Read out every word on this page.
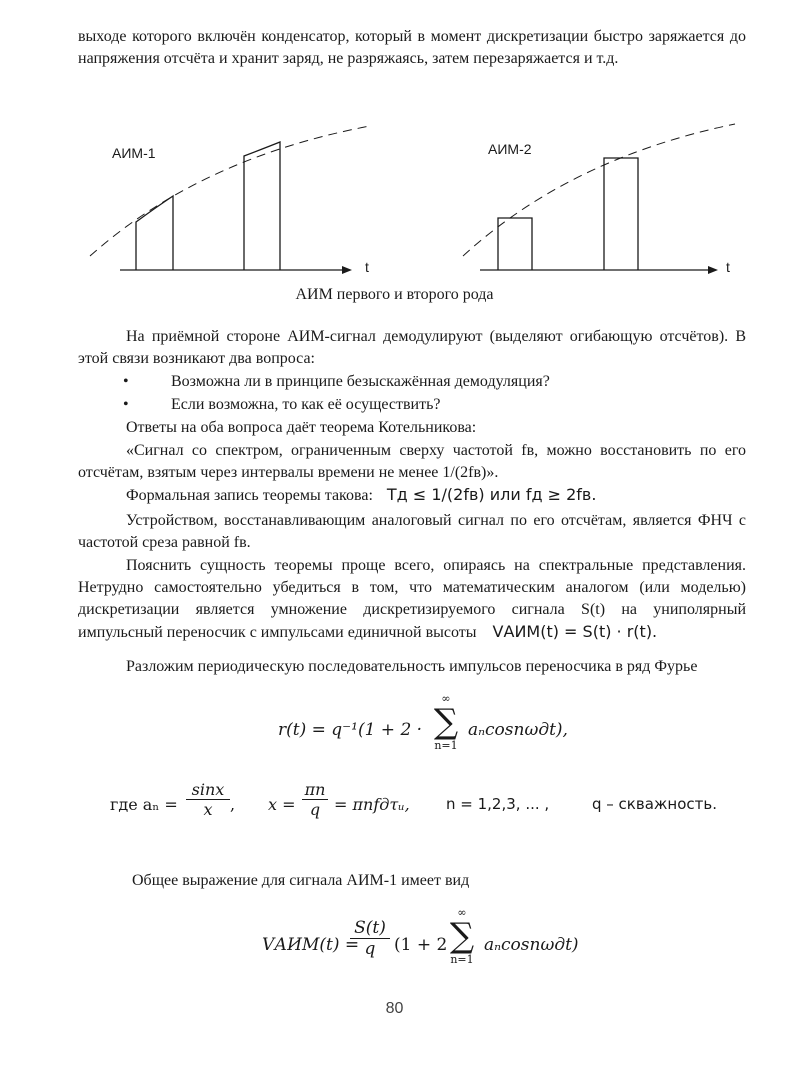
выходе которого включён конденсатор, который в момент дискретизации быстро заряжается до напряжения отсчёта и хранит заряд, не разряжаясь, затем перезаряжается и т.д.

АИМ-1
t
АИМ-2
t
АИМ первого и второго рода

На приёмной стороне АИМ-сигнал демодулируют (выделяют огибающую отсчётов). В этой связи возникают два вопроса:

•	Возможна ли в принципе безыскажённая демодуляция?
•	Если возможна, то как её осуществить?

Ответы на оба вопроса даёт теорема Котельникова:

«Сигнал со спектром, ограниченным сверху частотой fв, можно восстановить по его отсчётам, взятым через интервалы времени не менее 1/(2fв)».

Формальная запись теоремы такова: Tд ≤ 1/(2fв) или fд ≥ 2fв.

Устройством, восстанавливающим аналоговый сигнал по его отсчётам, является ФНЧ с частотой среза равной fв.

Пояснить сущность теоремы проще всего, опираясь на спектральные представления. Нетрудно самостоятельно убедиться в том, что математическим аналогом (или моделью) дискретизации является умножение дискретизируемого сигнала S(t) на униполярный импульсный переносчик с импульсами единичной высоты VАИМ(t) = S(t) · r(t).

Разложим периодическую последовательность импульсов переносчика в ряд Фурье

r(t) = q⁻¹(1 + 2 ·
∞
∑
n=1
aₙcosnωдt),
где $a_n = \frac{\sin x}{x}$ , $x = \frac{\pi n}{q}$ = πnfдτᵤ, n = 1,2,3, ... ,	q – скважность.

Общее выражение для сигнала АИМ-1 имеет вид

VАИМ(t) =
$\frac{S(t)}{q} (1 + 2$
∞
∑
n=1
aₙcosnωдt)
80
